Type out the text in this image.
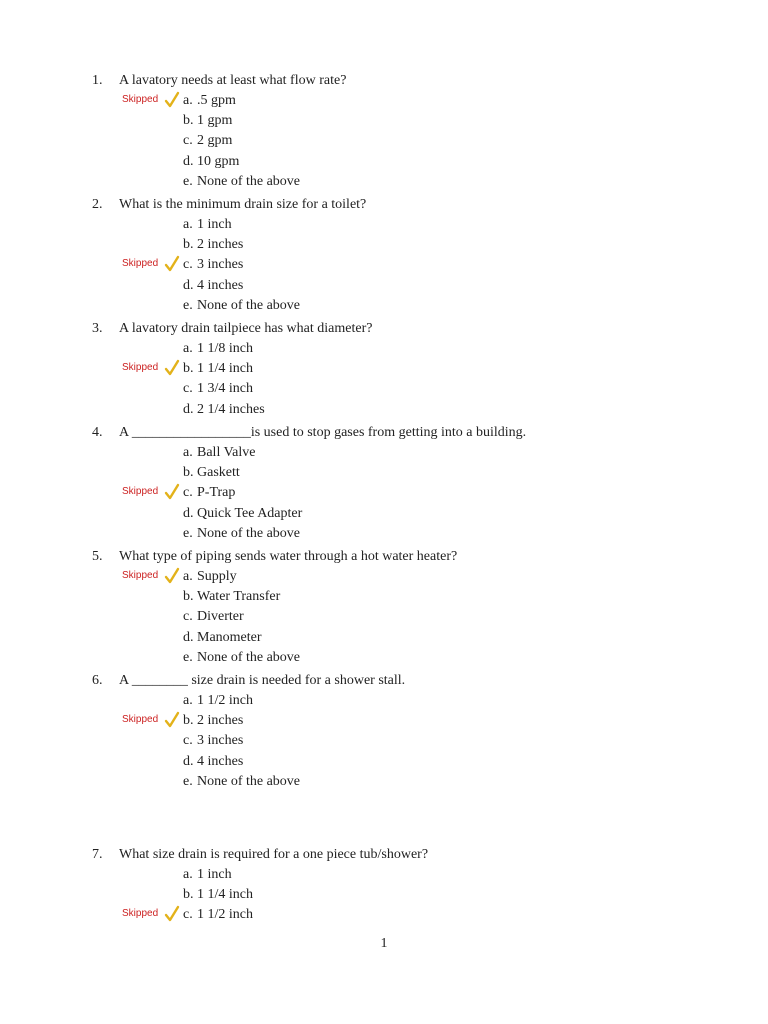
1. A lavatory needs at least what flow rate?
a. .5 gpm
Skipped
b. 1 gpm
c. 2 gpm
d. 10 gpm
e. None of the above
2. What is the minimum drain size for a toilet?
a. 1 inch
b. 2 inches
c. 3 inches
Skipped
d. 4 inches
e. None of the above
3. A lavatory drain tailpiece has what diameter?
a. 1 1/8 inch
b. 1 1/4 inch
Skipped
c. 1 3/4 inch
d. 2 1/4 inches
4. A _________________is used to stop gases from getting into a building.
a. Ball Valve
b. Gaskett
c. P-Trap
Skipped
d. Quick Tee Adapter
e. None of the above
5. What type of piping sends water through a hot water heater?
a. Supply
Skipped
b. Water Transfer
c. Diverter
d. Manometer
e. None of the above
6. A ________ size drain is needed for a shower stall.
a. 1 1/2 inch
b. 2 inches
Skipped
c. 3 inches
d. 4 inches
e. None of the above
7. What size drain is required for a one piece tub/shower?
a. 1 inch
b. 1 1/4 inch
c. 1 1/2 inch
Skipped
1
